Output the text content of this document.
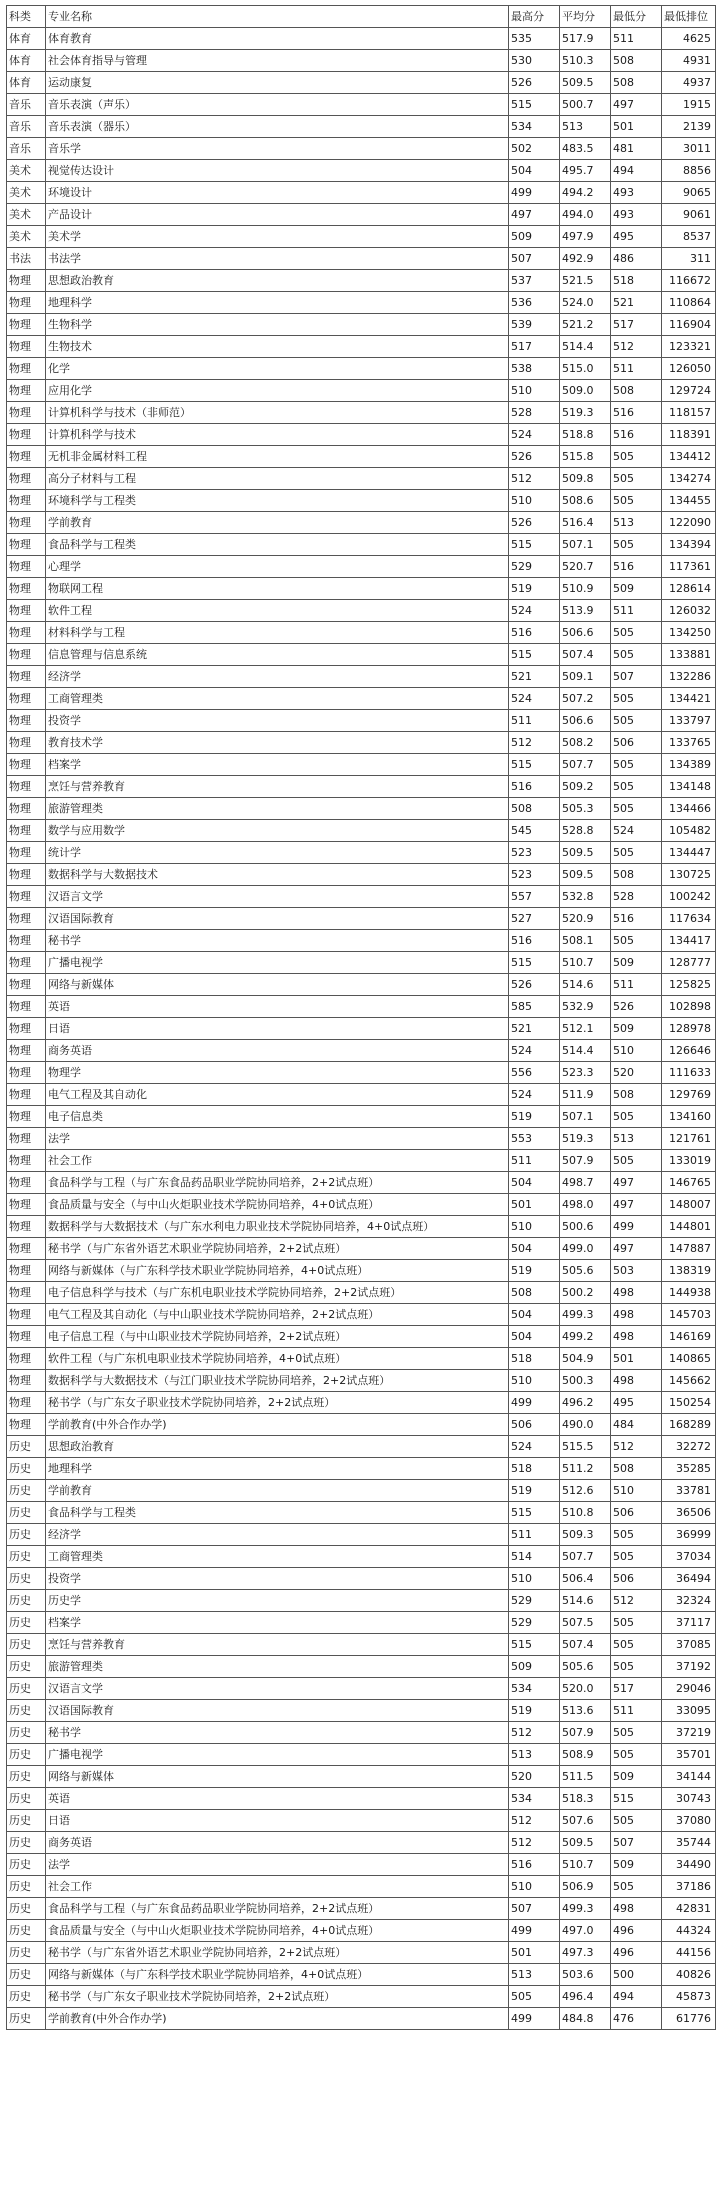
科类	专业名称	最高分	平均分	最低分	最低排位
体育	体育教育	535	517.9	511	4625
体育	社会体育指导与管理	530	510.3	508	4931
体育	运动康复	526	509.5	508	4937
音乐	音乐表演（声乐）	515	500.7	497	1915
音乐	音乐表演（器乐）	534	513	501	2139
音乐	音乐学	502	483.5	481	3011
美术	视觉传达设计	504	495.7	494	8856
美术	环境设计	499	494.2	493	9065
美术	产品设计	497	494.0	493	9061
美术	美术学	509	497.9	495	8537
书法	书法学	507	492.9	486	311
物理	思想政治教育	537	521.5	518	116672
物理	地理科学	536	524.0	521	110864
物理	生物科学	539	521.2	517	116904
物理	生物技术	517	514.4	512	123321
物理	化学	538	515.0	511	126050
物理	应用化学	510	509.0	508	129724
物理	计算机科学与技术（非师范）	528	519.3	516	118157
物理	计算机科学与技术	524	518.8	516	118391
物理	无机非金属材料工程	526	515.8	505	134412
物理	高分子材料与工程	512	509.8	505	134274
物理	环境科学与工程类	510	508.6	505	134455
物理	学前教育	526	516.4	513	122090
物理	食品科学与工程类	515	507.1	505	134394
物理	心理学	529	520.7	516	117361
物理	物联网工程	519	510.9	509	128614
物理	软件工程	524	513.9	511	126032
物理	材料科学与工程	516	506.6	505	134250
物理	信息管理与信息系统	515	507.4	505	133881
物理	经济学	521	509.1	507	132286
物理	工商管理类	524	507.2	505	134421
物理	投资学	511	506.6	505	133797
物理	教育技术学	512	508.2	506	133765
物理	档案学	515	507.7	505	134389
物理	烹饪与营养教育	516	509.2	505	134148
物理	旅游管理类	508	505.3	505	134466
物理	数学与应用数学	545	528.8	524	105482
物理	统计学	523	509.5	505	134447
物理	数据科学与大数据技术	523	509.5	508	130725
物理	汉语言文学	557	532.8	528	100242
物理	汉语国际教育	527	520.9	516	117634
物理	秘书学	516	508.1	505	134417
物理	广播电视学	515	510.7	509	128777
物理	网络与新媒体	526	514.6	511	125825
物理	英语	585	532.9	526	102898
物理	日语	521	512.1	509	128978
物理	商务英语	524	514.4	510	126646
物理	物理学	556	523.3	520	111633
物理	电气工程及其自动化	524	511.9	508	129769
物理	电子信息类	519	507.1	505	134160
物理	法学	553	519.3	513	121761
物理	社会工作	511	507.9	505	133019
物理	食品科学与工程（与广东食品药品职业学院协同培养，2+2试点班）	504	498.7	497	146765
物理	食品质量与安全（与中山火炬职业技术学院协同培养，4+0试点班）	501	498.0	497	148007
物理	数据科学与大数据技术（与广东水利电力职业技术学院协同培养，4+0试点班）	510	500.6	499	144801
物理	秘书学（与广东省外语艺术职业学院协同培养，2+2试点班）	504	499.0	497	147887
物理	网络与新媒体（与广东科学技术职业学院协同培养，4+0试点班）	519	505.6	503	138319
物理	电子信息科学与技术（与广东机电职业技术学院协同培养，2+2试点班）	508	500.2	498	144938
物理	电气工程及其自动化（与中山职业技术学院协同培养，2+2试点班）	504	499.3	498	145703
物理	电子信息工程（与中山职业技术学院协同培养，2+2试点班）	504	499.2	498	146169
物理	软件工程（与广东机电职业技术学院协同培养，4+0试点班）	518	504.9	501	140865
物理	数据科学与大数据技术（与江门职业技术学院协同培养，2+2试点班）	510	500.3	498	145662
物理	秘书学（与广东女子职业技术学院协同培养，2+2试点班）	499	496.2	495	150254
物理	学前教育(中外合作办学)	506	490.0	484	168289
历史	思想政治教育	524	515.5	512	32272
历史	地理科学	518	511.2	508	35285
历史	学前教育	519	512.6	510	33781
历史	食品科学与工程类	515	510.8	506	36506
历史	经济学	511	509.3	505	36999
历史	工商管理类	514	507.7	505	37034
历史	投资学	510	506.4	506	36494
历史	历史学	529	514.6	512	32324
历史	档案学	529	507.5	505	37117
历史	烹饪与营养教育	515	507.4	505	37085
历史	旅游管理类	509	505.6	505	37192
历史	汉语言文学	534	520.0	517	29046
历史	汉语国际教育	519	513.6	511	33095
历史	秘书学	512	507.9	505	37219
历史	广播电视学	513	508.9	505	35701
历史	网络与新媒体	520	511.5	509	34144
历史	英语	534	518.3	515	30743
历史	日语	512	507.6	505	37080
历史	商务英语	512	509.5	507	35744
历史	法学	516	510.7	509	34490
历史	社会工作	510	506.9	505	37186
历史	食品科学与工程（与广东食品药品职业学院协同培养，2+2试点班）	507	499.3	498	42831
历史	食品质量与安全（与中山火炬职业技术学院协同培养，4+0试点班）	499	497.0	496	44324
历史	秘书学（与广东省外语艺术职业学院协同培养，2+2试点班）	501	497.3	496	44156
历史	网络与新媒体（与广东科学技术职业学院协同培养，4+0试点班）	513	503.6	500	40826
历史	秘书学（与广东女子职业技术学院协同培养，2+2试点班）	505	496.4	494	45873
历史	学前教育(中外合作办学)	499	484.8	476	61776
